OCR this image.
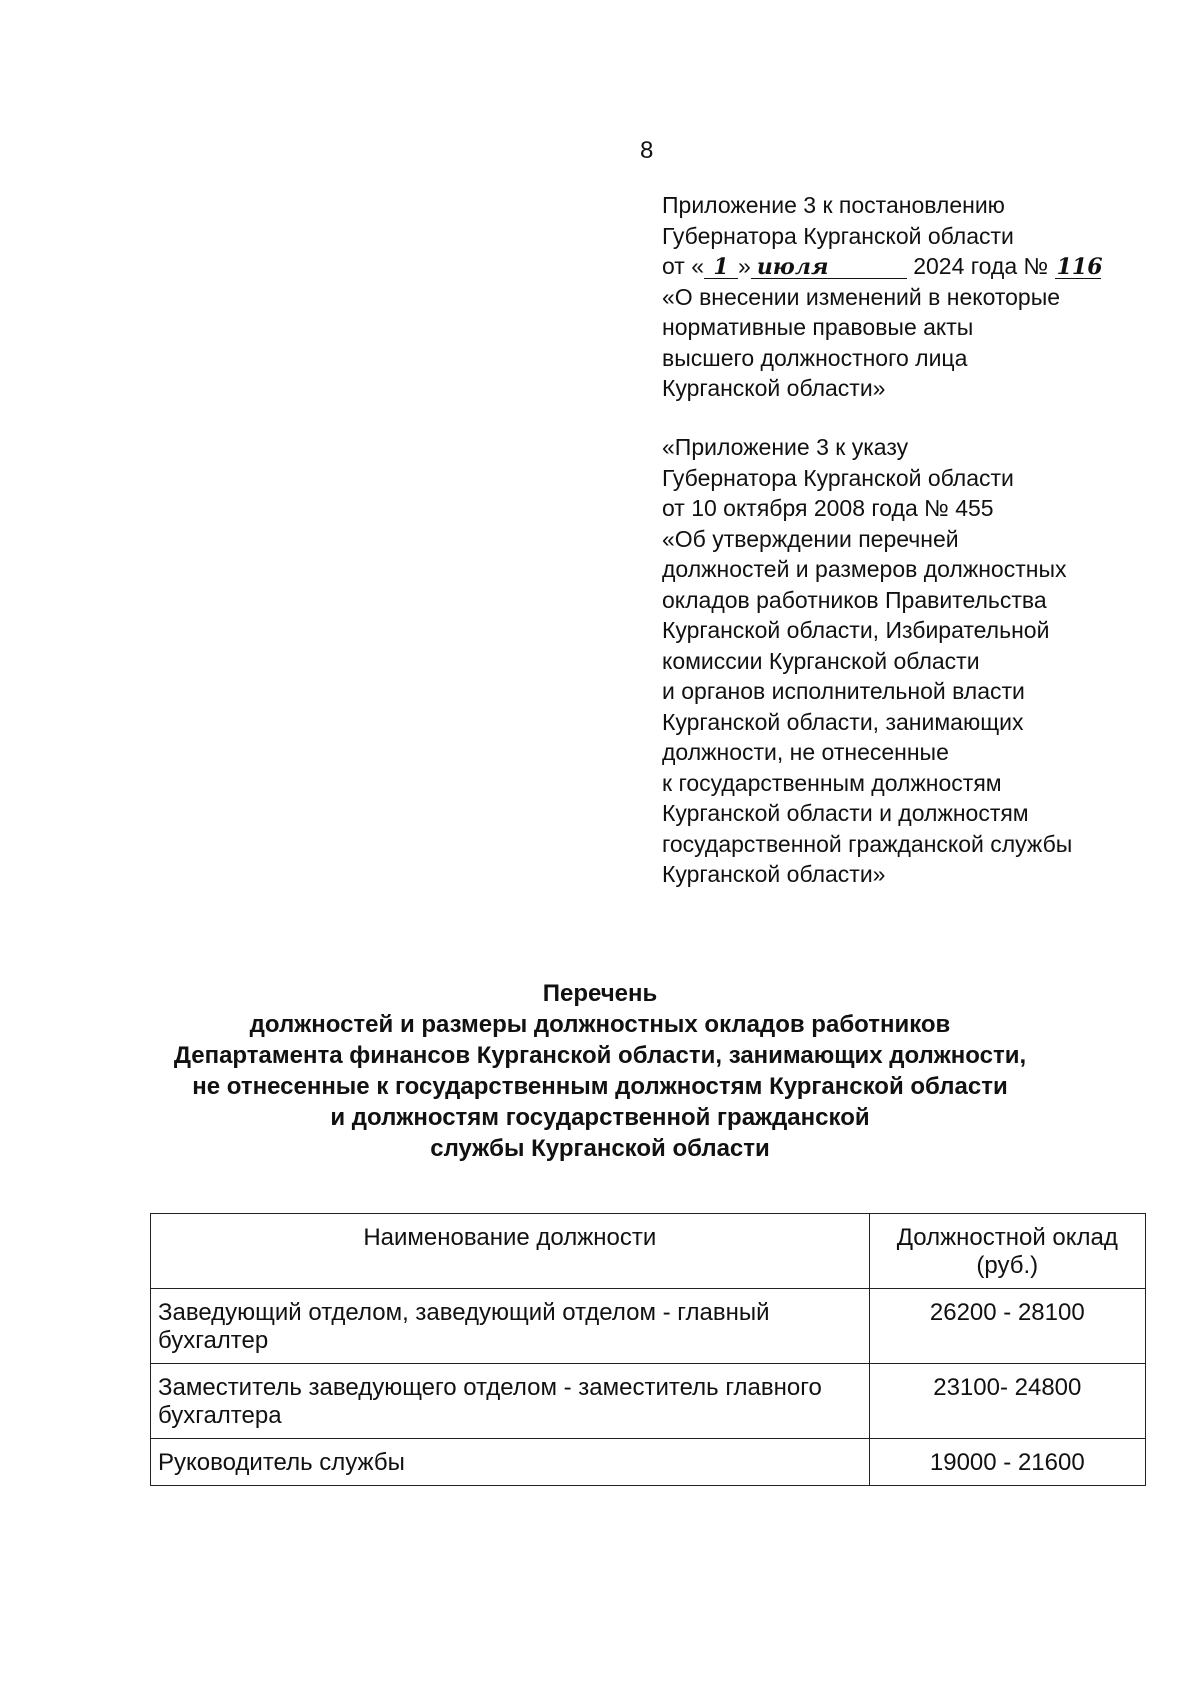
8
Приложение 3 к постановлению
Губернатора Курганской области
от « 1 » июля	2024 года № 116
«О внесении изменений в некоторые
нормативные правовые акты
высшего должностного лица
Курганской области»
«Приложение 3 к указу
Губернатора Курганской области
от 10 октября 2008 года № 455
«Об утверждении перечней
должностей и размеров должностных
окладов работников Правительства
Курганской области, Избирательной
комиссии Курганской области
и органов исполнительной власти
Курганской области, занимающих
должности, не отнесенные
к государственным должностям
Курганской области и должностям
государственной гражданской службы
Курганской области»
Перечень
должностей и размеры должностных окладов работников
Департамента финансов Курганской области, занимающих должности,
не отнесенные к государственным должностям Курганской области
и должностям государственной гражданской
службы Курганской области
Наименование должности	Должностной оклад (руб.)
Заведующий отделом, заведующий отделом - главный бухгалтер	26200 - 28100
Заместитель заведующего отделом - заместитель главного бухгалтера	23100- 24800
Руководитель службы	19000 - 21600
